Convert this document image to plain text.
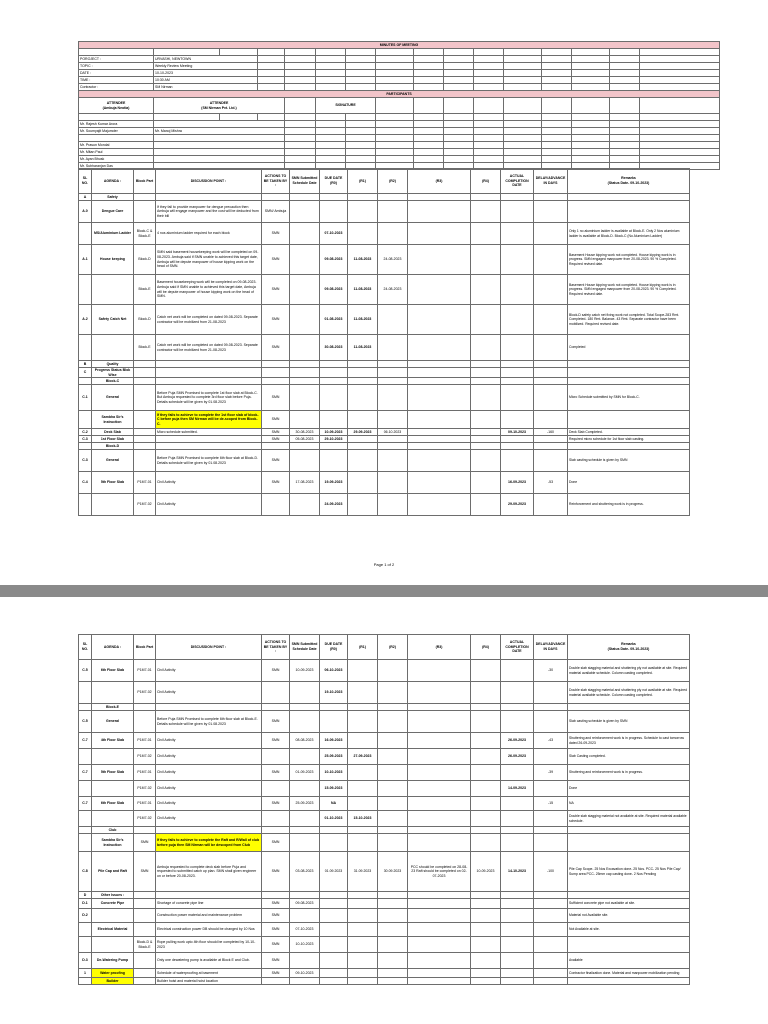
MINUTES OF MEETING															

POROJECT :	URVASHI, NEWTOWN														
TOPIC :	Weekly Review Meeting														
DATE :	10-10-2023														
TIME :	10:30 AM														
Contractor :	SM Nirman														
PARTICIPANTS															
ATTENDEE
(Ambuja Neotia)	ATTENDEE
(SM Nirman Pvt. Ltd.)				SIGNATURE										

Mr. Rajesh Kumar Arora															
Mr. Soumyajit Majumder	Mr. Manoj Mishra														

Mr. Prasun Mondal															
Mr. Mitan Paul															
Mr. Ayan Bhusk															
Mr. Subharanjan Das															
SL NO.	AGENDA :	Block Part	DISCUSSION POINT :	ACTIONS TO BE TAKEN BY :	SMN Submitted Schedule Date	DUE DATE (R0)	(R1)	(R2)	(R3)	(R4)	ACTUAL COMPLETION DATE	DELAY/ADVANCE IN DAYS	Remarks
(Status Date- 09-10-2023)
A	Safety												
A.0	Dengue Care		If they fail to provide manpower for dengue precaution then Ambuja will engage manpower and the cost will be deducted from their bill	SMN/ Ambuja									
	MS/Aluminium Ladder	Block-C & Block-E	4 nos aluminium ladder required for each block	SMN		07-10-2023							Only 1 no aluminium ladder is available at Block-E. Only 2 Nos aluminium ladder is available at Block-D. Block-C (No Aluminium Ladder)
A.1	House keeping	Block-D	SMN said basement housekeeping work will be completed on 09-08-2023. Ambuja said if SMN unable to achieved this target date, Ambuja will be depute manpower of house kipping work on the head of SMN.	SMN		09-08-2023	11-08-2023	24-08-2023					Basement House kipping work not completed. House kipping work is in progress. SMN engaged manpower from 20-08-2023. 90 % Completed. Required revised date.
		Block-E	Basement housekeeping work will be completed on 09-08-2023. Ambuja said if SMN unable to achieved this target date, Ambuja will be depute manpower of house kipping work on the head of SMN.	SMN		09-08-2023	11-08-2023	24-08-2023					Basement House kipping work not completed. House kipping work is in progress. SMN engaged manpower from 20-08-2023. 90 % Completed. Required revised date.
A.2	Safety Catch Net	Block-D	Catch net work will be completed on dated 09-08-2023. Separate contractor will be mobilized from 21-08-2023	SMN		01-08-2023	11-08-2023						Block-D safety catch net fixing work not completed. Total Scope-283 Rmt. Completed- 180 Rmt. Balance- 43 Rmt. Separate contractor have been mobilized. Required revised date.
		Block-E	Catch net work will be completed on dated 09-08-2023. Separate contractor will be mobilized from 21-08-2023	SMN		30-08-2023	11-08-2023						Completed
B	Quality												
C	Progress Status Blok Wise												
	Block-C												
C.1	General		Before Puja SMN Promised to complete 1st floor slab at Block-C. But Ambuja requested to complete 3rd floor slab before Puja. Details schedule will be given by 01.08.2023	SMN									Micro Schedule submitted by SMN for Block-C.
	Sambha Sir's Instruction		If they fails to achieve to complete the 1st floor slab of block-C before puja then SM Nirman will be de-scoped from Block-C.	SMN									
C.2	Deck Slab		Micro schedule submitted.	SMN	30-08-2023	10-09-2023	29-09-2023	06.10.2023			09-10-2023	-160	Deck Slab Completed.
C.3	1st Floor Slab			SMN	05-08-2023	29-10-2023							Required micro schedule for 1st floor slab casting.
	Block-D												
C.3	General		Before Puja SMN Promised to complete 6th floor slab at Block-D. Details schedule will be given by 01.08.2023	SMN									Slab casting schedule is given by SMN
C.4	5th Floor Slab	P1M7-01	Civil Activity	SMN	17-08-2023	19-09-2023					16-09-2023	-53	Done
		P1M7-02	Civil Activity			24-09-2023					29-09-2023		Reinforcement and shuttering work is in progress.
Page 1 of 2
SL NO.	AGENDA :	Block Part	DISCUSSION POINT :	ACTIONS TO BE TAKEN BY :	SMN Submitted Schedule Date	DUE DATE (R0)	(R1)	(R2)	(R3)	(R4)	ACTUAL COMPLETION DATE	DELAY/ADVANCE IN DAYS	Remarks
(Status Date- 09-10-2023)
C.5	6th Floor Slab	P1M7-01	Civil Activity	SMN	10-09-2023	06-10-2023						-30	Double slab stagging material and shuttering ply not available at site. Required material available schedule. Column casting completed.
		P1M7-02	Civil Activity			19-10-2023							Double slab stagging material and shuttering ply not available at site. Required material available schedule. Column casting completed.
	Block-E												
C.5	General		Before Puja SMN Promised to complete 6th floor slab at Block-E. Details schedule will be given by 01.08.2023	SMN									Slab casting schedule is given by SMN
C.7	4th Floor Slab	P1M7-01	Civil Activity	SMN	08-08-2023	16-09-2023					26-09-2023	-43	Shuttering and reinforcement work is in progress. Schedule to cast tomorrow dated 26-09-2023
		P1M7-02	Civil Activity			25-09-2023	27-09-2023				26-09-2023		Slab Casting completed.
C.7	5th Floor Slab	P1M7-01	Civil Activity	SMN	01-09-2023	10-10-2023						-39	Shuttering and reinforcement work is in progress.
		P1M7-02	Civil Activity			15-09-2023					14-09-2023		Done
C.7	6th Floor Slab	P1M7-01	Civil Activity	SMN	25-09-2023	NA						-15	NA
		P1M7-02	Civil Activity			01-10-2023	15-10-2023						Double slab stagging material not available at site. Required material available schedule.
	Club												
	Sambha Sir's Instruction	SMN	If they fails to achieve to complete the Raft and R/Wall of club before puja then SM Nirman will be descoped from Club	SMN									
C.8	Pile Cap and Raft	SMN	Ambuja requested to complete deck slab before Puja and requested to submitted catch up plan. SMN shall given engineer on or before 20-08-2023.	SMN	03-08-2023	01.09.2023	31.09.2023	30.09.2023	PCC should be completed on 28-08-23 Raft should be completed on 02-07-2023	10-09-2023	14-10-2023	-100	Pile Cap Scope- 25 Nos Excavation done- 25 Nos. PCC- 25 Nos Pile Cap/ Sump area PCC- 25mm cap casting done- 2 Nos Pending
D	Other Issues :												
D.1	Concrete Pipe		Shortage of concrete pipe line	SMN	09-08-2023								Sufficient concrete pipe not available at site.
D.2			Construction power material and maintenance problem	SMN									Material not Available site.
	Electrical Material		Electrical construction power DB should be changed by 10 Nos	SMN	07-10-2023								Not Available at site.
		Block-D & Block-E	Rope pulling work upto 4th floor should be completed by 10-10-2023	SMN	10-10-2023								
D.3	De-Watering Pump		Only one dewatering pump is available at Block E and Club.	SMN									Available
1	Water proofing		Schedule of waterproofing at basement	SMN	09-10-2023								Contractor finalization done. Material and manpower mobilization pending
	Builder		Builder hoist and material hoist location										
